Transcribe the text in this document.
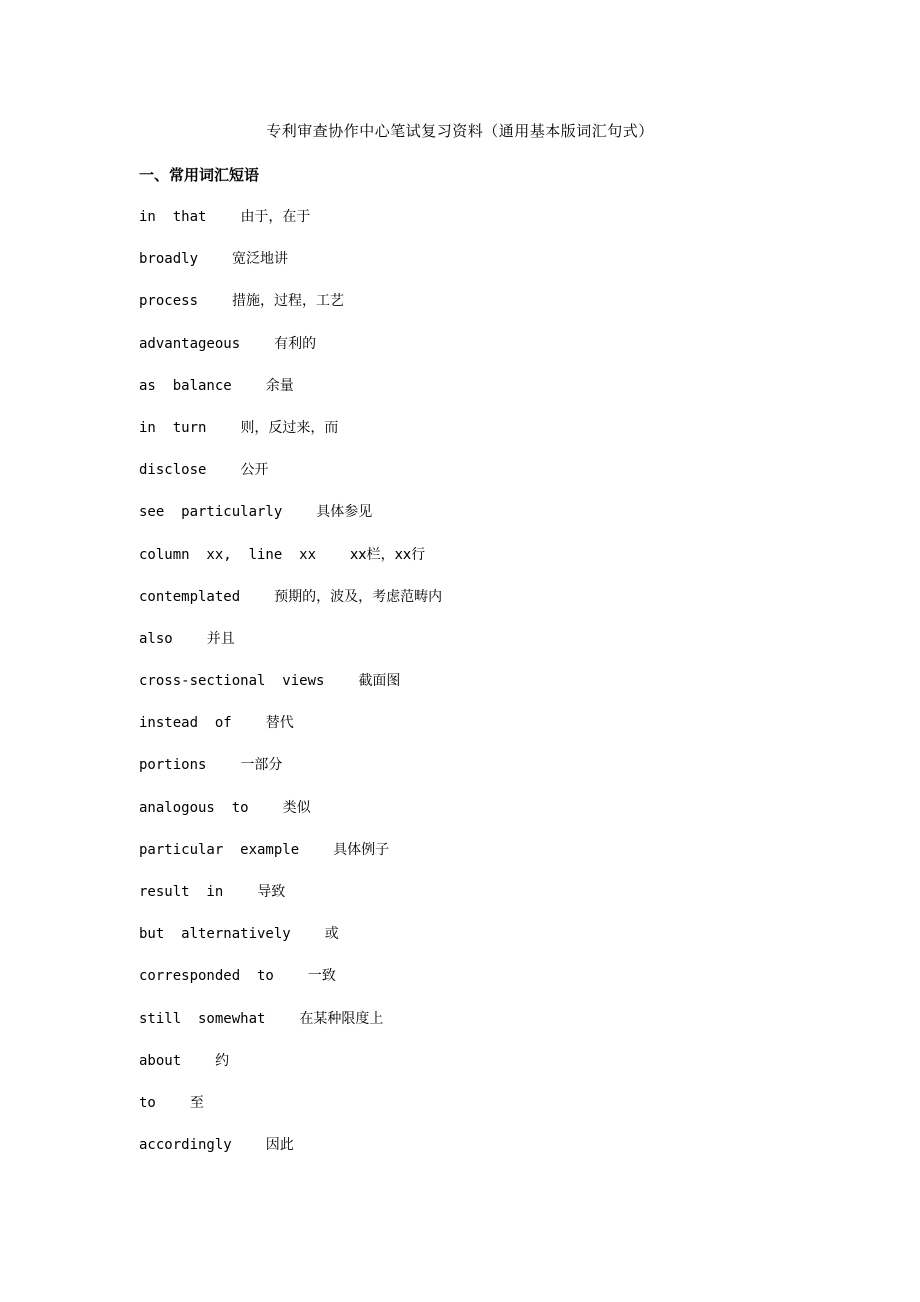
专利审查协作中心笔试复习资料（通用基本版词汇句式）
一、常用词汇短语
in  that 由于，在于
broadly 宽泛地讲
process 措施，过程，工艺
advantageous 有利的
as  balance 余量
in  turn 则，反过来，而
disclose 公开
see  particularly 具体参见
column  xx,  line  xx xx栏，xx行
contemplated 预期的，波及，考虑范畴内
also 并且
cross-sectional  views 截面图
instead  of 替代
portions 一部分
analogous  to 类似
particular  example 具体例子
result  in 导致
but  alternatively 或
corresponded  to 一致
still  somewhat 在某种限度上
about 约
to 至
accordingly 因此
